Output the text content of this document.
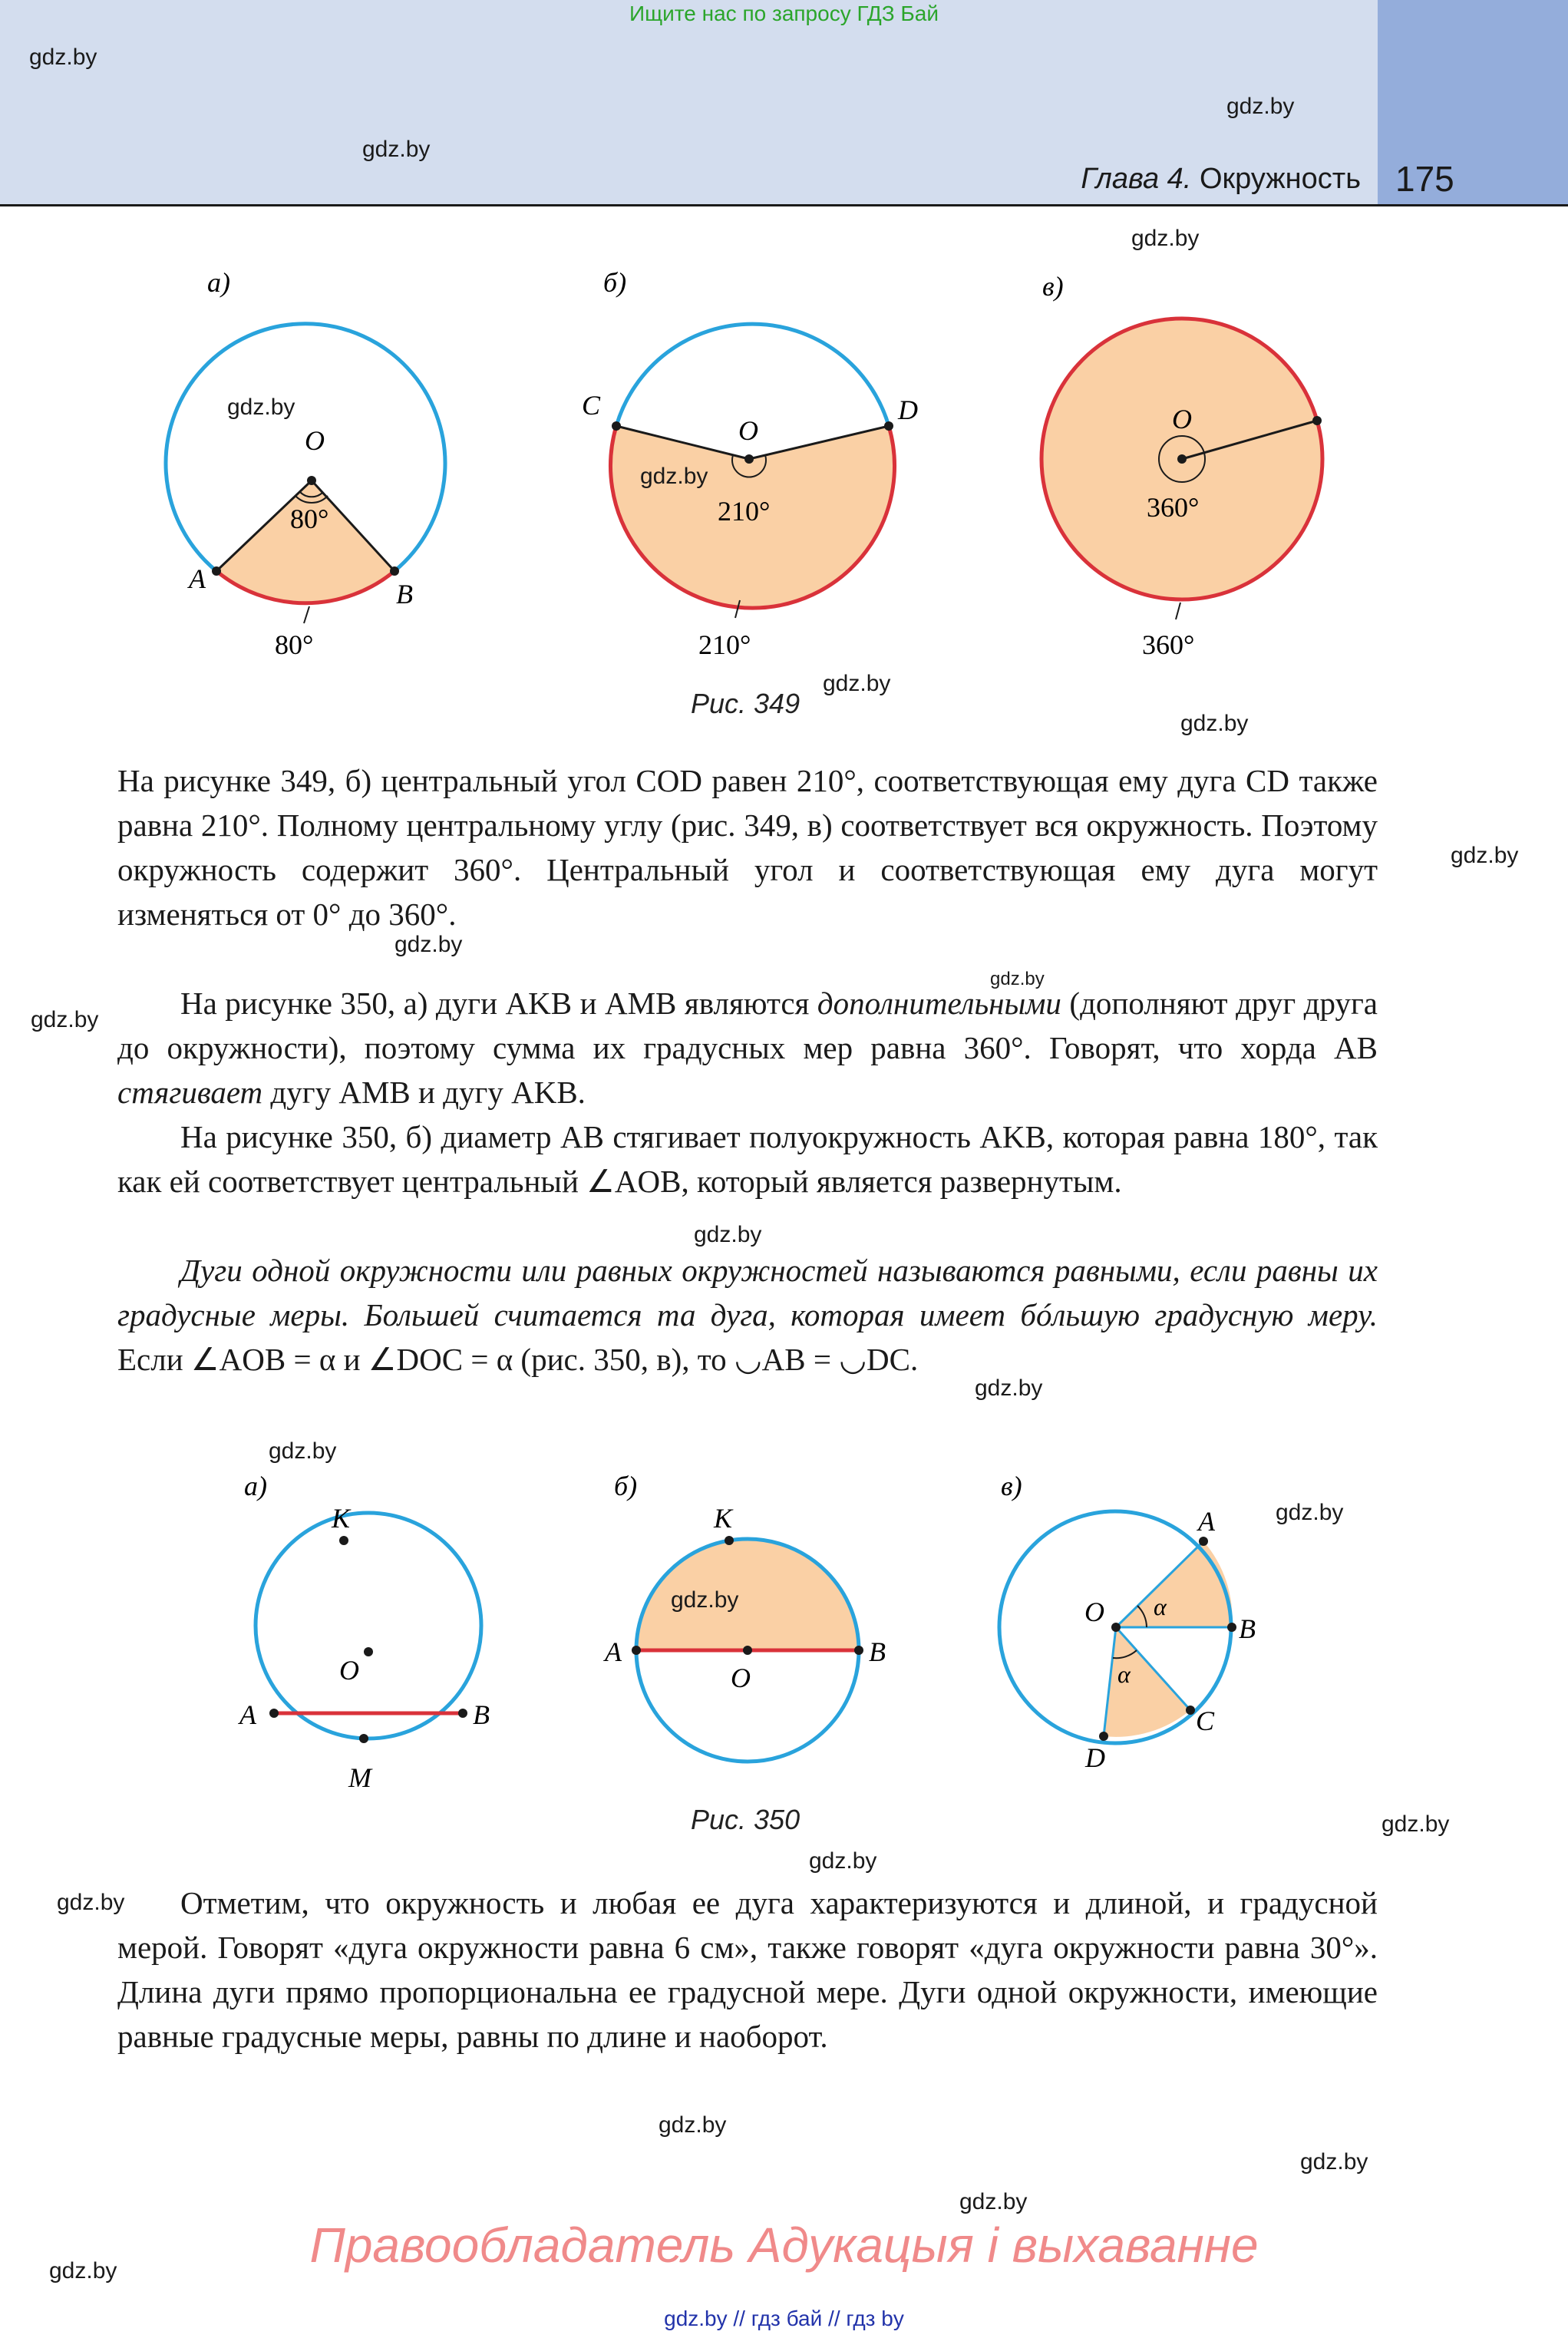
Ищите нас по запросу ГДЗ Бай
Глава 4. Окружность 175
а)
O
80°
A	B
80°
б)
O
210°
C	D
210°
в)
O
360°
360°
Рис. 349
На рисунке 349, б) центральный угол COD равен 210°, соответствующая ему дуга CD также равна 210°. Полному центральному углу (рис. 349, в) соответствует вся окружность. Поэтому окружность содержит 360°. Центральный угол и соответствующая ему дуга могут изменяться от 0° до 360°.
На рисунке 350, а) дуги AKB и AMB являются дополнительными (дополняют друг друга до окружности), поэтому сумма их градусных мер равна 360°. Говорят, что хорда AB стягивает дугу AMB и дугу AKB.
На рисунке 350, б) диаметр AB стягивает полуокружность AKB, которая равна 180°, так как ей соответствует центральный ∠AOB, который является развернутым.
Дуги одной окружности или равных окружностей называются равными, если равны их градусные меры. Большей считается та дуга, которая имеет бóльшую градусную меру. Если ∠AOB = α и ∠DOC = α (рис. 350, в), то ◡AB = ◡DC.
а)
K
O
A	B
M
б)
K
A
O
B
в)
A
O
B
C
D
α
α
Рис. 350
Отметим, что окружность и любая ее дуга характеризуются и длиной, и градусной мерой. Говорят «дуга окружности равна 6 см», также говорят «дуга окружности равна 30°». Длина дуги прямо пропорциональна ее градусной мере. Дуги одной окружности, имеющие равные градусные меры, равны по длине и наоборот.
gdz.by
gdz.by
gdz.by
gdz.by
gdz.by
gdz.by
gdz.by
gdz.by
gdz.by
gdz.by
gdz.by
gdz.by
gdz.by
gdz.by
gdz.by
gdz.by
gdz.by
gdz.by
gdz.by
gdz.by
gdz.by
gdz.by
gdz.by
gdz.by	Правообладатель Адукацыя і выхаванне
gdz.by // гдз бай // гдз by
